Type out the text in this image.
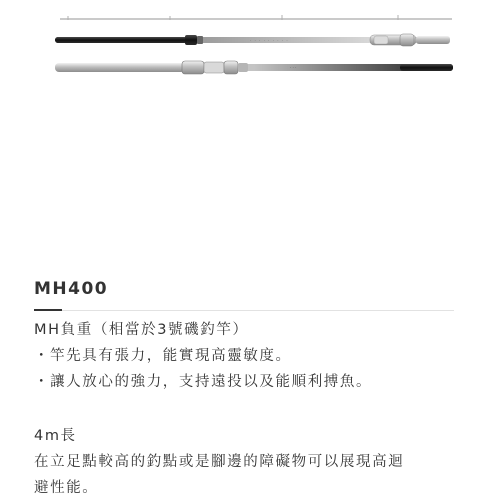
· · · · · · · · ·
· · ·
MH400

MH負重（相當於3號磯釣竿）

・竿先具有張力，能實現高靈敏度。

・讓人放心的強力，支持遠投以及能順利搏魚。

4m長

在立足點較高的釣點或是腳邊的障礙物可以展現高迴

避性能。
